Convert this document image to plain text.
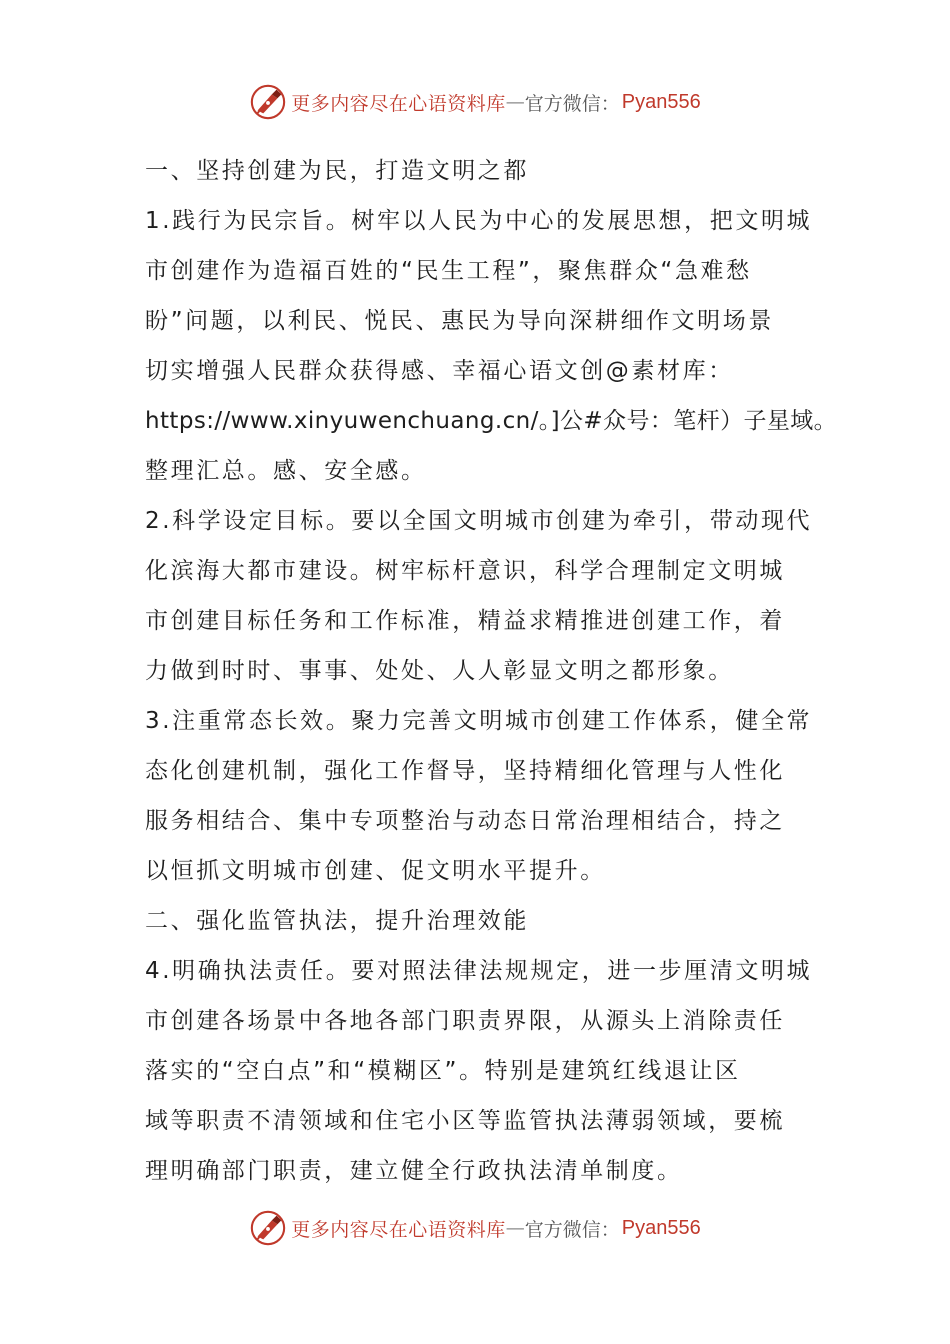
更多内容尽在心语资料库 — 官方微信： Pyan556
一、坚持创建为民，打造文明之都
1.践行为民宗旨。树牢以人民为中心的发展思想，把文明城
市创建作为造福百姓的“民生工程”，聚焦群众“急难愁
盼”问题，以利民、悦民、惠民为导向深耕细作文明场景
切实增强人民群众获得感、幸福心语文创@素材库：
https://www.xinyuwenchuang.cn/。]公#众号：笔杆）子星域。
整理汇总。感、安全感。
2.科学设定目标。要以全国文明城市创建为牵引，带动现代
化滨海大都市建设。树牢标杆意识，科学合理制定文明城
市创建目标任务和工作标准，精益求精推进创建工作，着
力做到时时、事事、处处、人人彰显文明之都形象。
3.注重常态长效。聚力完善文明城市创建工作体系，健全常
态化创建机制，强化工作督导，坚持精细化管理与人性化
服务相结合、集中专项整治与动态日常治理相结合，持之
以恒抓文明城市创建、促文明水平提升。
二、强化监管执法，提升治理效能
4.明确执法责任。要对照法律法规规定，进一步厘清文明城
市创建各场景中各地各部门职责界限，从源头上消除责任
落实的“空白点”和“模糊区”。特别是建筑红线退让区
域等职责不清领域和住宅小区等监管执法薄弱领域，要梳
理明确部门职责，建立健全行政执法清单制度。
更多内容尽在心语资料库 — 官方微信： Pyan556
